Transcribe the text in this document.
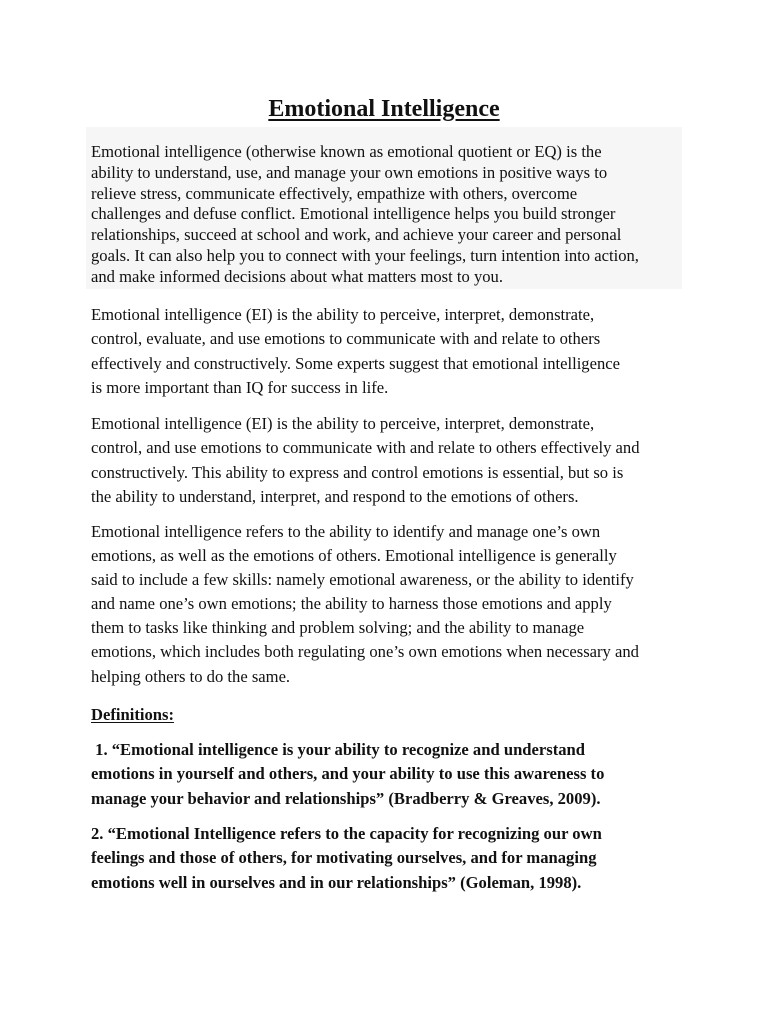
Emotional Intelligence

Emotional intelligence (otherwise known as emotional quotient or EQ) is the
ability to understand, use, and manage your own emotions in positive ways to
relieve stress, communicate effectively, empathize with others, overcome
challenges and defuse conflict. Emotional intelligence helps you build stronger
relationships, succeed at school and work, and achieve your career and personal
goals. It can also help you to connect with your feelings, turn intention into action,
and make informed decisions about what matters most to you.

Emotional intelligence (EI) is the ability to perceive, interpret, demonstrate,
control, evaluate, and use emotions to communicate with and relate to others
effectively and constructively. Some experts suggest that emotional intelligence
is more important than IQ for success in life.

Emotional intelligence (EI) is the ability to perceive, interpret, demonstrate,
control, and use emotions to communicate with and relate to others effectively and
constructively. This ability to express and control emotions is essential, but so is
the ability to understand, interpret, and respond to the emotions of others.

Emotional intelligence refers to the ability to identify and manage one’s own
emotions, as well as the emotions of others. Emotional intelligence is generally
said to include a few skills: namely emotional awareness, or the ability to identify
and name one’s own emotions; the ability to harness those emotions and apply
them to tasks like thinking and problem solving; and the ability to manage
emotions, which includes both regulating one’s own emotions when necessary and
helping others to do the same.

Definitions:

1. “Emotional intelligence is your ability to recognize and understand
emotions in yourself and others, and your ability to use this awareness to
manage your behavior and relationships” (Bradberry & Greaves, 2009).

2. “Emotional Intelligence refers to the capacity for recognizing our own
feelings and those of others, for motivating ourselves, and for managing
emotions well in ourselves and in our relationships” (Goleman, 1998).
